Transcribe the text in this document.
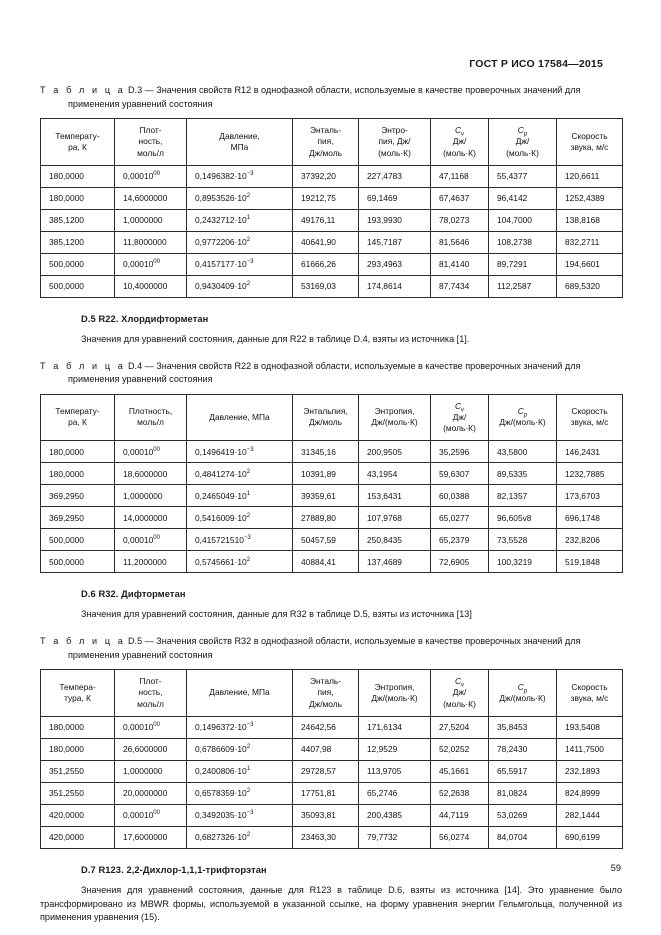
ГОСТ Р ИСО 17584—2015

Т а б л и ц а D.3 — Значения свойств R12 в однофазной области, используемые в качестве проверочных значений для применения уравнений состояния

Температу-
ра, К	Плот-
ность,
моль/л	Давление,
МПа	Энталь-
пия,
Дж/моль	Энтро-
пия, Дж/
(моль·К)	$C_v$
Дж/
(моль·К)	$C_p$
Дж/
(моль·К)	Скорость
звука, м/с
180,0000	0,00010$^{00}$	$0,1496382\cdot 10^{-3}$	37392,20	227,4783	47,1168	55,4377	120,6611
180,0000	14,6000000	$0,8953526\cdot 10^2$	19212,75	69,1469	67,4637	96,4142	1252,4389
385,1200	1,0000000	$0,2432712\cdot 10^1$	49176,11	193,9930	78,0273	104,7000	138,8168
385,1200	11,8000000	$0,9772206\cdot 10^2$	40641,90	145,7187	81,5646	108,2738	832,2711
500,0000	0,00010$^{00}$	$0,4157177\cdot 10^{-3}$	61666,26	293,4963	81,4140	89,7291	194,6601
500,0000	10,4000000	$0,9430409\cdot 10^2$	53169,03	174,8614	87,7434	112,2587	689,5320
D.5 R22. Хлордифторметан

Значения для уравнений состояния, данные для R22 в таблице D.4, взяты из источника [1].

Т а б л и ц а D.4 — Значения свойств R22 в однофазной области, используемые в качестве проверочных значений для применения уравнений состояния

Температу-
ра, К	Плотность,
моль/л	Давление, МПа	Энтальпия,
Дж/моль	Энтропия,
Дж/(моль·К)	$C_v$
Дж/
(моль·К)	$C_p$
Дж/(моль·К)	Скорость
звука, м/с
180,0000	0,00010$^{00}$	$0,1496419\cdot 10^{-3}$	31345,16	200,9505	35,2596	43,5800	146,2431
180,0000	18,6000000	$0,4841274\cdot 10^2$	10391,89	43,1954	59,6307	89,5335	1232,7885
369,2950	1,0000000	$0,2465049\cdot 10^1$	39359,61	153,6431	60,0388	82,1357	173,6703
369,2950	14,0000000	$0,5416009\cdot 10^2$	27889,80	107,9768	65,0277	96,605v8	696,1748
500,0000	0,00010$^{00}$	$0,415721510^{-3}$	50457,59	250,8435	65,2379	73,5528	232,8206
500,0000	11,2000000	$0,5745661\cdot 10^2$	40884,41	137,4689	72,6905	100,3219	519,1848
D.6 R32. Дифторметан

Значения для уравнений состояния, данные для R32 в таблице D.5, взяты из источника [13]

Т а б л и ц а D.5 — Значения свойств R32 в однофазной области, используемые в качестве проверочных значений для применения уравнений состояния

Темпера-
тура, К	Плот-
ность,
моль/л	Давление, МПа	Энталь-
пия,
Дж/моль	Энтропия,
Дж/(моль·К)	$C_v$
Дж/
(моль·К)	$C_p$
Дж/(моль·К)	Скорость
звука, м/с
180,0000	0,00010$^{00}$	$0,1496372\cdot 10^{-3}$	24642,56	171,6134	27,5204	35,8453	193,5408
180,0000	26,6000000	$0,6786609\cdot 10^2$	4407,98	12,9529	52,0252	78,2430	1411,7500
351,2550	1,0000000	$0,2400806\cdot 10^1$	29728,57	113,9705	45,1661	65,5917	232,1893
351,2550	20,0000000	$0,6578359\cdot 10^2$	17751,81	65,2746	52,2638	81,0824	824,8999
420,0000	0,00010$^{00}$	$0,3492035\cdot 10^{-3}$	35093,81	200,4385	44,7119	53,0269	282,1444
420,0000	17,6000000	$0,6827326\cdot 10^2$	23463,30	79,7732	56,0274	84,0704	690,6199
D.7 R123. 2,2-Дихлор-1,1,1-трифторэтан

Значения для уравнений состояния, данные для R123 в таблице D.6, взяты из источника [14]. Это уравнение было трансформировано из MBWR формы, используемой в указанной ссылке, на форму уравнения энергии Гельмгольца, полученной из применения уравнения (15).

59
